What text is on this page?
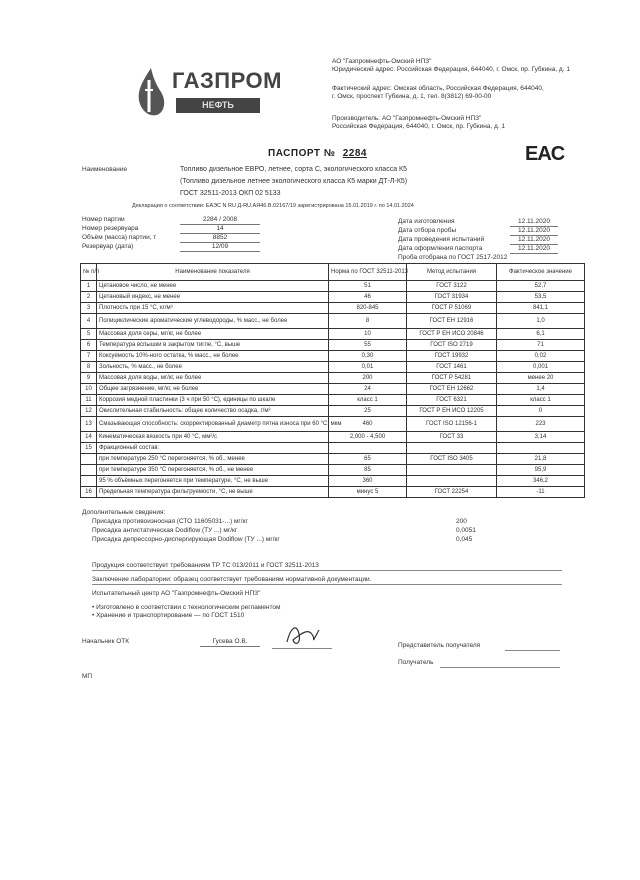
ГАЗПРОМ
НЕФТЬ
АО "Газпромнефть-Омский НПЗ"
Юридический адрес: Российская Федерация, 644040, г. Омск, пр. Губкина, д. 1
Фактический адрес: Омская область, Российская Федерация, 644040,
г. Омск, проспект Губкина, д. 1, тел. 8(3812) 69-00-00
Производитель: АО "Газпромнефть-Омский НПЗ"
Российская Федерация, 644040, г. Омск, пр. Губкина, д. 1
ПАСПОРТ № 2284	EAC
Наименование	Топливо дизельное ЕВРО, летнее, сорта С, экологического класса К5
(Топливо дизельное летнее экологического класса К5 марки ДТ-Л-К5)
ГОСТ 32511-2013 ОКП 02 5133
Декларация о соответствии: ЕАЭС N RU Д-RU.АЯ46.В.02167/19 зарегистрирована 15.01.2019 г. по 14.01.2024
Номер партии	2284 / 2008
Номер резервуара	14
Объём (масса) партии, т	8852
Резервуар (дата)	12/09
Дата изготовления	12.11.2020
Дата отбора пробы	12.11.2020
Дата проведения испытаний	12.11.2020
Дата оформления паспорта	12.11.2020
Проба отобрана по ГОСТ 2517-2012
№ п/п	Наименование показателя	Норма по ГОСТ 32511-2013	Метод испытания	Фактическое значение
1	Цетановое число, не менее	51	ГОСТ 3122	52,7
2	Цетановый индекс, не менее	46	ГОСТ 31934	53,5
3	Плотность при 15 °С, кг/м³	820-845	ГОСТ Р 51069	841,1
4	Полициклические ароматические углеводороды, % масс., не более	8	ГОСТ ЕН 12916	1,0
5	Массовая доля серы, мг/кг, не более	10	ГОСТ Р ЕН ИСО 20846	6,1
6	Температура вспышки в закрытом тигле, °С, выше	55	ГОСТ ISO 2719	71
7	Коксуемость 10%-ного остатка, % масс., не более	0,30	ГОСТ 19932	0,02
8	Зольность, % масс., не более	0,01	ГОСТ 1461	0,001
9	Массовая доля воды, мг/кг, не более	200	ГОСТ Р 54281	менее 20
10	Общее загрязнение, мг/кг, не более	24	ГОСТ ЕН 12662	1,4
11	Коррозия медной пластинки (3 ч при 50 °С), единицы по шкале	класс 1	ГОСТ 6321	класс 1
12	Окислительная стабильность: общее количество осадка, г/м³	25	ГОСТ Р ЕН ИСО 12205	0
13	Смазывающая способность: скорректированный диаметр пятна износа при 60 °С, мкм	460	ГОСТ ISO 12156-1	223
14	Кинематическая вязкость при 40 °С, мм²/с	2,000 - 4,500	ГОСТ 33	3,14
15	Фракционный состав:			
	при температуре 250 °С перегоняется, % об., менее	65	ГОСТ ISO 3405	21,8
	при температуре 350 °С перегоняется, % об., не менее	85		95,9
	95 % объёмных перегоняется при температуре, °С, не выше	360		346,2
16	Предельная температура фильтруемости, °С, не выше	минус 5	ГОСТ 22254	-11
Дополнительные сведения:
Присадка противоизносная (СТО 11605031-...) мг/кг	200
Присадка антистатическая Dodiflow (ТУ ...) мг/кг	0,0051
Присадка депрессорно-диспергирующая Dodiflow (ТУ ...) мг/кг	0,045
Продукция соответствует требованиям ТР ТС 013/2011 и ГОСТ 32511-2013
Заключение лаборатории: образец соответствует требованиям нормативной документации.
Испытательный центр АО "Газпромнефть-Омский НПЗ"
• Изготовлено в соответствии с технологическим регламентом
• Хранение и транспортирование — по ГОСТ 1510
Начальник ОТК	Гусева О.В.
Представитель получателя
Получатель
МП
